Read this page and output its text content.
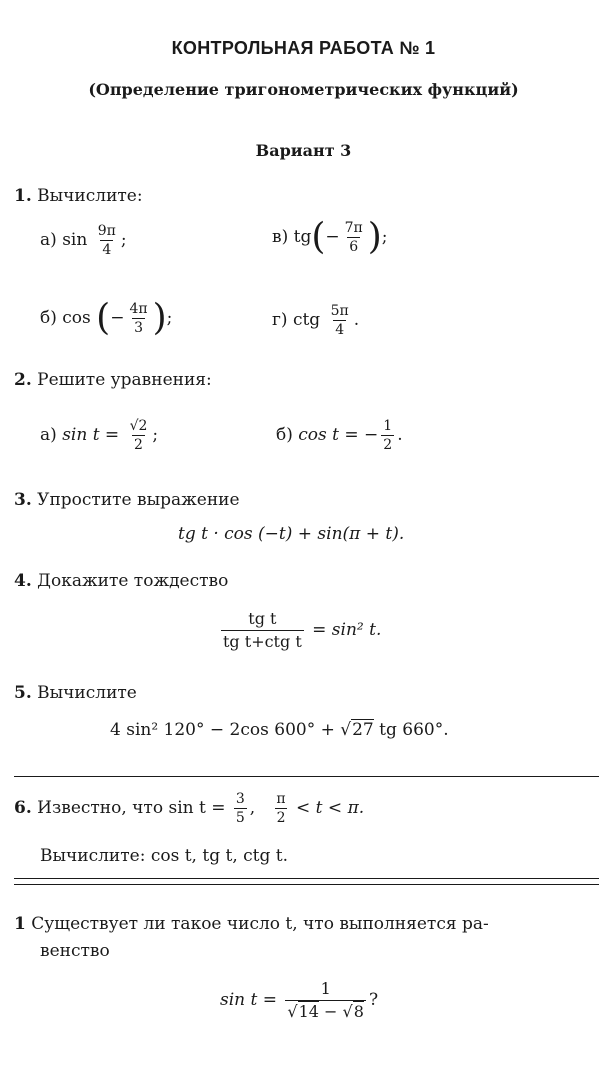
КОНТРОЛЬНАЯ РАБОТА № 1
(Определение тригонометрических функций)
Вариант 3
1. Вычислите:
а) $\sin \frac{9\pi}{4}$ ;	в) $tg(- \frac{7\pi}{6}$ );
б) cos (− $\frac{4\pi}{3}$ );	г) ctg $\frac{5\pi}{4}$ .
2. Решите уравнения:
а) $\sin t = \frac{√2}{2}$ ;	б) cos t = − $\frac{1}{2}$ .
3. Упростите выражение
tg t · cos (−t) + sin(π + t).
4. Докажите тождество
$\frac{\text{tg t}}{\text{tg t+ctg t}} = \sin^2$ t.
5. Вычислите
4 sin² 120° − 2cos 600° + √27 tg 660°.
6. Известно, что $\sin t = \frac{3}{5}$ , $\frac{\pi}{2} < t < \pi$.
Вычислите: cos t, tg t, ctg t.
1 Существует ли такое число t, что выполняется ра-
венство
$\sin t = \frac{1}{√14 - √8}$ ?
